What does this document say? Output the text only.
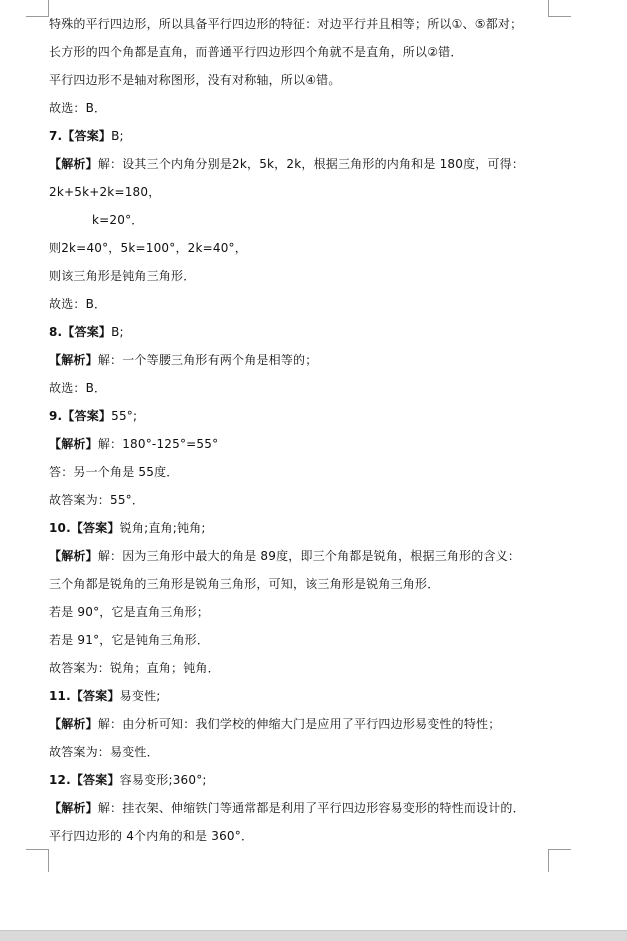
特殊的平行四边形，所以具备平行四边形的特征：对边平行并且相等；所以①、⑤都对；
长方形的四个角都是直角，而普通平行四边形四个角就不是直角，所以②错．
平行四边形不是轴对称图形，没有对称轴，所以④错。
故选：B．
7.【答案】B;
【解析】解：设其三个内角分别是2k，5k，2k，根据三角形的内角和是 180度，可得：
2k+5k+2k=180，
k=20°．
则2k=40°，5k=100°，2k=40°，
则该三角形是钝角三角形．
故选：B．
8.【答案】B;
【解析】解：一个等腰三角形有两个角是相等的；
故选：B．
9.【答案】55°;
【解析】解：180°-125°=55°
答：另一个角是 55度．
故答案为：55°．
10.【答案】锐角;直角;钝角;
【解析】解：因为三角形中最大的角是 89度，即三个角都是锐角，根据三角形的含义：
三个角都是锐角的三角形是锐角三角形，可知，该三角形是锐角三角形．
若是 90°，它是直角三角形；
若是 91°，它是钝角三角形．
故答案为：锐角；直角；钝角．
11.【答案】易变性;
【解析】解：由分析可知：我们学校的伸缩大门是应用了平行四边形易变性的特性；
故答案为：易变性．
12.【答案】容易变形;360°;
【解析】解：挂衣架、伸缩铁门等通常都是利用了平行四边形容易变形的特性而设计的．
平行四边形的 4个内角的和是 360°．
